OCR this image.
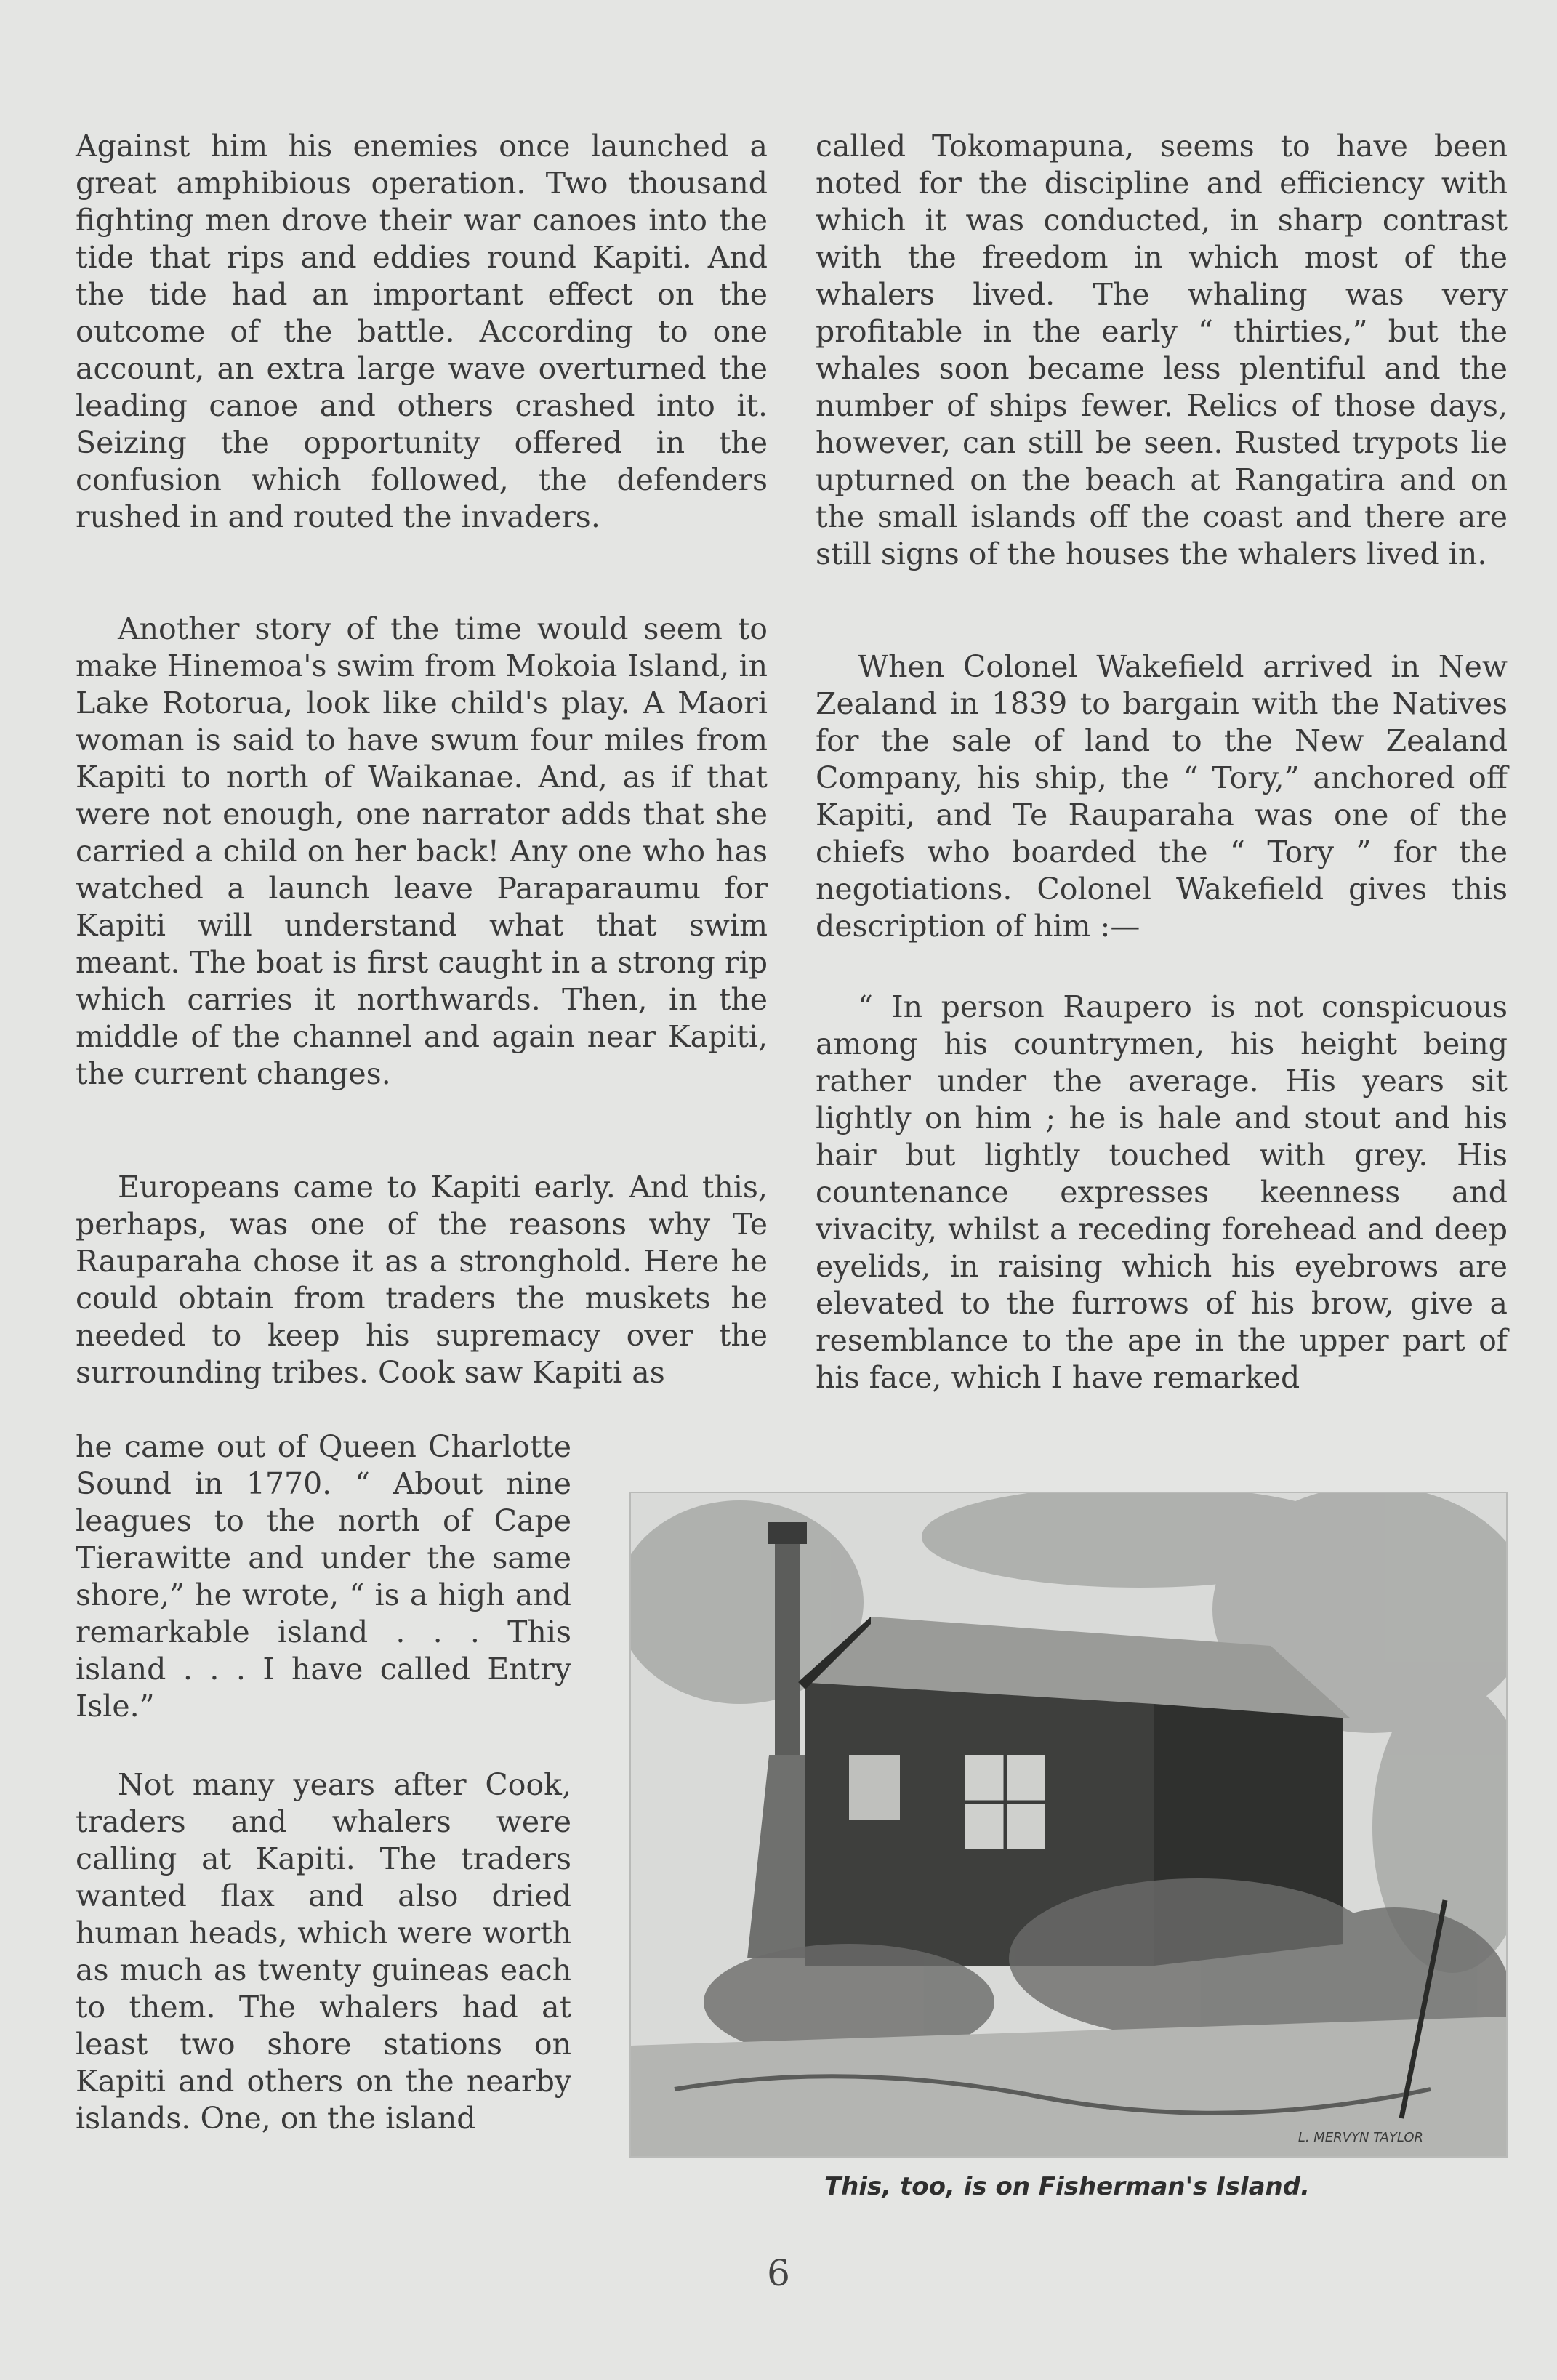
Against him his enemies once launched a great amphibious operation. Two thousand fighting men drove their war canoes into the tide that rips and eddies round Kapiti. And the tide had an important effect on the outcome of the battle. According to one account, an extra large wave overturned the leading canoe and others crashed into it. Seizing the opportunity offered in the confusion which followed, the defenders rushed in and routed the invaders.

Another story of the time would seem to make Hinemoa's swim from Mokoia Island, in Lake Rotorua, look like child's play. A Maori woman is said to have swum four miles from Kapiti to north of Waikanae. And, as if that were not enough, one narrator adds that she carried a child on her back! Any one who has watched a launch leave Paraparaumu for Kapiti will understand what that swim meant. The boat is first caught in a strong rip which carries it northwards. Then, in the middle of the channel and again near Kapiti, the current changes.

Europeans came to Kapiti early. And this, perhaps, was one of the reasons why Te Rauparaha chose it as a stronghold. Here he could obtain from traders the muskets he needed to keep his supremacy over the surrounding tribes. Cook saw Kapiti as

he came out of Queen Charlotte Sound in 1770. “ About nine leagues to the north of Cape Tierawitte and under the same shore,” he wrote, “ is a high and remarkable island . . . This island . . . I have called Entry Isle.”

Not many years after Cook, traders and whalers were calling at Kapiti. The traders wanted flax and also dried human heads, which were worth as much as twenty guineas each to them. The whalers had at least two shore stations on Kapiti and others on the nearby islands. One, on the island

called Tokomapuna, seems to have been noted for the discipline and efficiency with which it was conducted, in sharp contrast with the freedom in which most of the whalers lived. The whaling was very profitable in the early “ thirties,” but the whales soon became less plentiful and the number of ships fewer. Relics of those days, however, can still be seen. Rusted trypots lie upturned on the beach at Rangatira and on the small islands off the coast and there are still signs of the houses the whalers lived in.

When Colonel Wakefield arrived in New Zealand in 1839 to bargain with the Natives for the sale of land to the New Zealand Company, his ship, the “ Tory,” anchored off Kapiti, and Te Rauparaha was one of the chiefs who boarded the “ Tory ” for the negotiations. Colonel Wakefield gives this description of him :—

“ In person Raupero is not conspicuous among his countrymen, his height being rather under the average. His years sit lightly on him ; he is hale and stout and his hair but lightly touched with grey. His countenance expresses keenness and vivacity, whilst a receding forehead and deep eyelids, in raising which his eyebrows are elevated to the furrows of his brow, give a resemblance to the ape in the upper part of his face, which I have remarked

L. MERVYN TAYLOR
This, too, is on Fisherman's Island.
6
